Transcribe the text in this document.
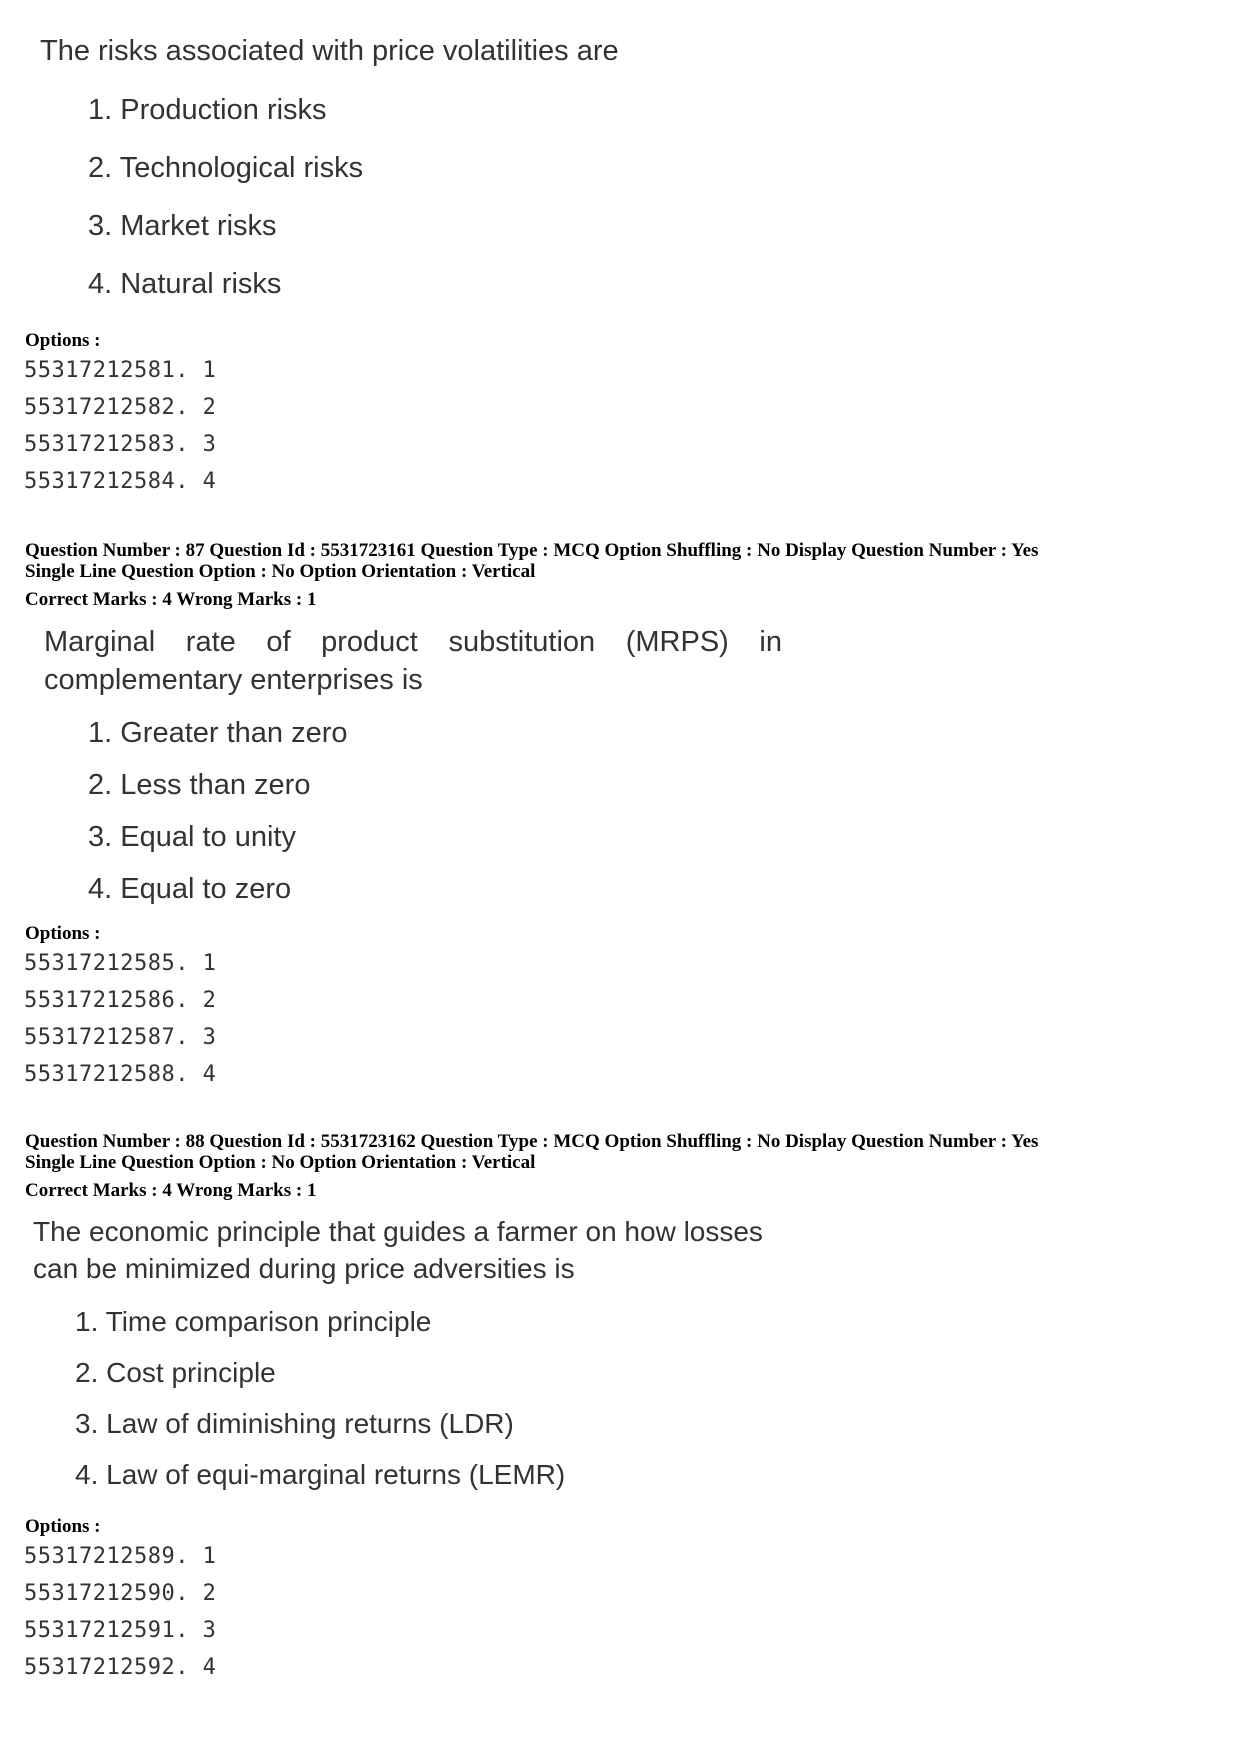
The risks associated with price volatilities are
1. Production risks
2. Technological risks
3. Market risks
4. Natural risks
Options :
55317212581. 1
55317212582. 2
55317212583. 3
55317212584. 4
Question Number : 87 Question Id : 5531723161 Question Type : MCQ Option Shuffling : No Display Question Number : Yes
Single Line Question Option : No Option Orientation : Vertical
Correct Marks : 4 Wrong Marks : 1
Marginal rate of product substitution (MRPS) in
complementary enterprises is
1. Greater than zero
2. Less than zero
3. Equal to unity
4. Equal to zero
Options :
55317212585. 1
55317212586. 2
55317212587. 3
55317212588. 4
Question Number : 88 Question Id : 5531723162 Question Type : MCQ Option Shuffling : No Display Question Number : Yes
Single Line Question Option : No Option Orientation : Vertical
Correct Marks : 4 Wrong Marks : 1
The economic principle that guides a farmer on how losses
can be minimized during price adversities is
1. Time comparison principle
2. Cost principle
3. Law of diminishing returns (LDR)
4. Law of equi-marginal returns (LEMR)
Options :
55317212589. 1
55317212590. 2
55317212591. 3
55317212592. 4
